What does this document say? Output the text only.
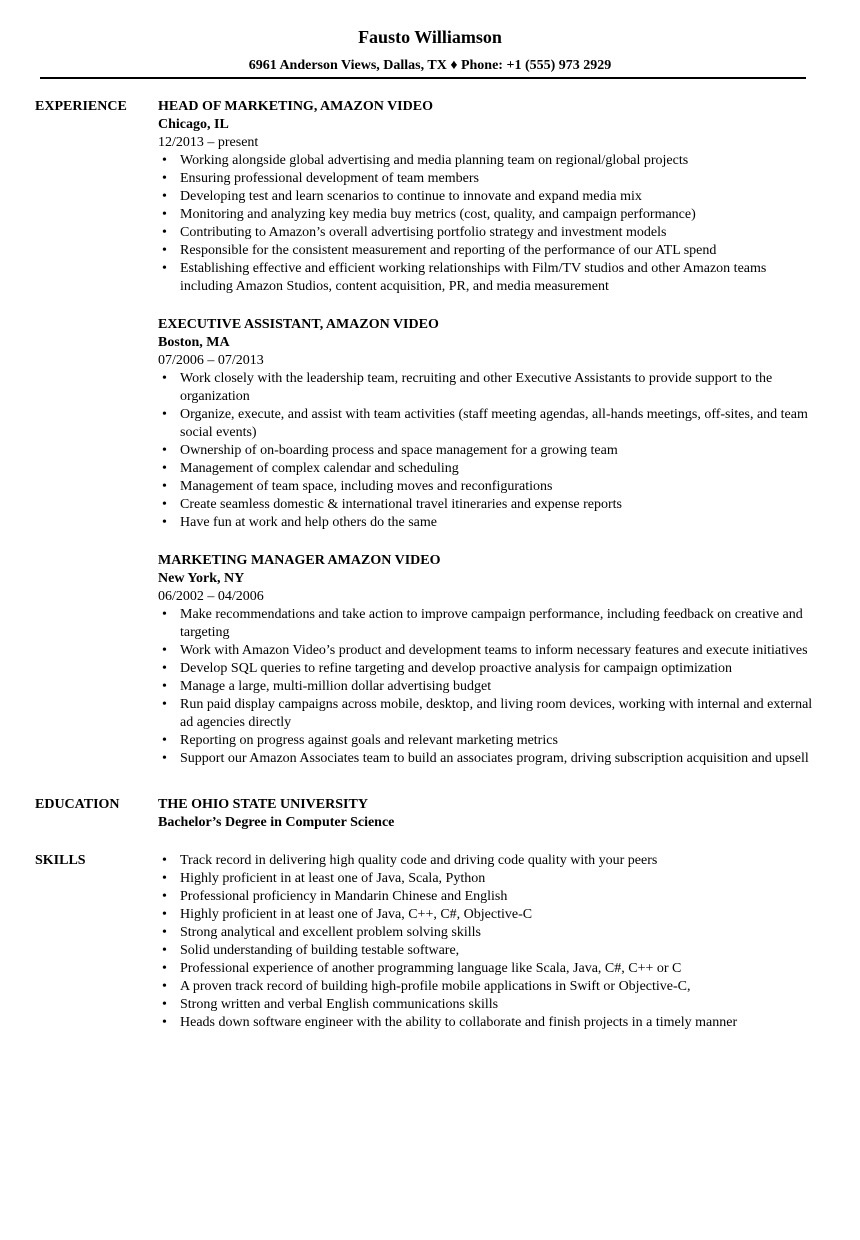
Fausto Williamson
6961 Anderson Views, Dallas, TX ♦ Phone: +1 (555) 973 2929
EXPERIENCE	HEAD OF MARKETING, AMAZON VIDEO
Chicago, IL
12/2013 – present
• Working alongside global advertising and media planning team on regional/global projects
• Ensuring professional development of team members
• Developing test and learn scenarios to continue to innovate and expand media mix
• Monitoring and analyzing key media buy metrics (cost, quality, and campaign performance)
• Contributing to Amazon’s overall advertising portfolio strategy and investment models
• Responsible for the consistent measurement and reporting of the performance of our ATL spend
• Establishing effective and efficient working relationships with Film/TV studios and other Amazon teams including Amazon Studios, content acquisition, PR, and media measurement
EXECUTIVE ASSISTANT, AMAZON VIDEO
Boston, MA
07/2006 – 07/2013
• Work closely with the leadership team, recruiting and other Executive Assistants to provide support to the organization
• Organize, execute, and assist with team activities (staff meeting agendas, all-hands meetings, off-sites, and team social events)
• Ownership of on-boarding process and space management for a growing team
• Management of complex calendar and scheduling
• Management of team space, including moves and reconfigurations
• Create seamless domestic & international travel itineraries and expense reports
• Have fun at work and help others do the same
MARKETING MANAGER AMAZON VIDEO
New York, NY
06/2002 – 04/2006
• Make recommendations and take action to improve campaign performance, including feedback on creative and targeting
• Work with Amazon Video’s product and development teams to inform necessary features and execute initiatives
• Develop SQL queries to refine targeting and develop proactive analysis for campaign optimization
• Manage a large, multi-million dollar advertising budget
• Run paid display campaigns across mobile, desktop, and living room devices, working with internal and external ad agencies directly
• Reporting on progress against goals and relevant marketing metrics
• Support our Amazon Associates team to build an associates program, driving subscription acquisition and upsell
EDUCATION	THE OHIO STATE UNIVERSITY
Bachelor’s Degree in Computer Science
SKILLS
•	Track record in delivering high quality code and driving code quality with your peers
• Highly proficient in at least one of Java, Scala, Python
• Professional proficiency in Mandarin Chinese and English
• Highly proficient in at least one of Java, C++, C#, Objective-C
• Strong analytical and excellent problem solving skills
• Solid understanding of building testable software,
• Professional experience of another programming language like Scala, Java, C#, C++ or C
• A proven track record of building high-profile mobile applications in Swift or Objective-C,
• Strong written and verbal English communications skills
• Heads down software engineer with the ability to collaborate and finish projects in a timely manner
